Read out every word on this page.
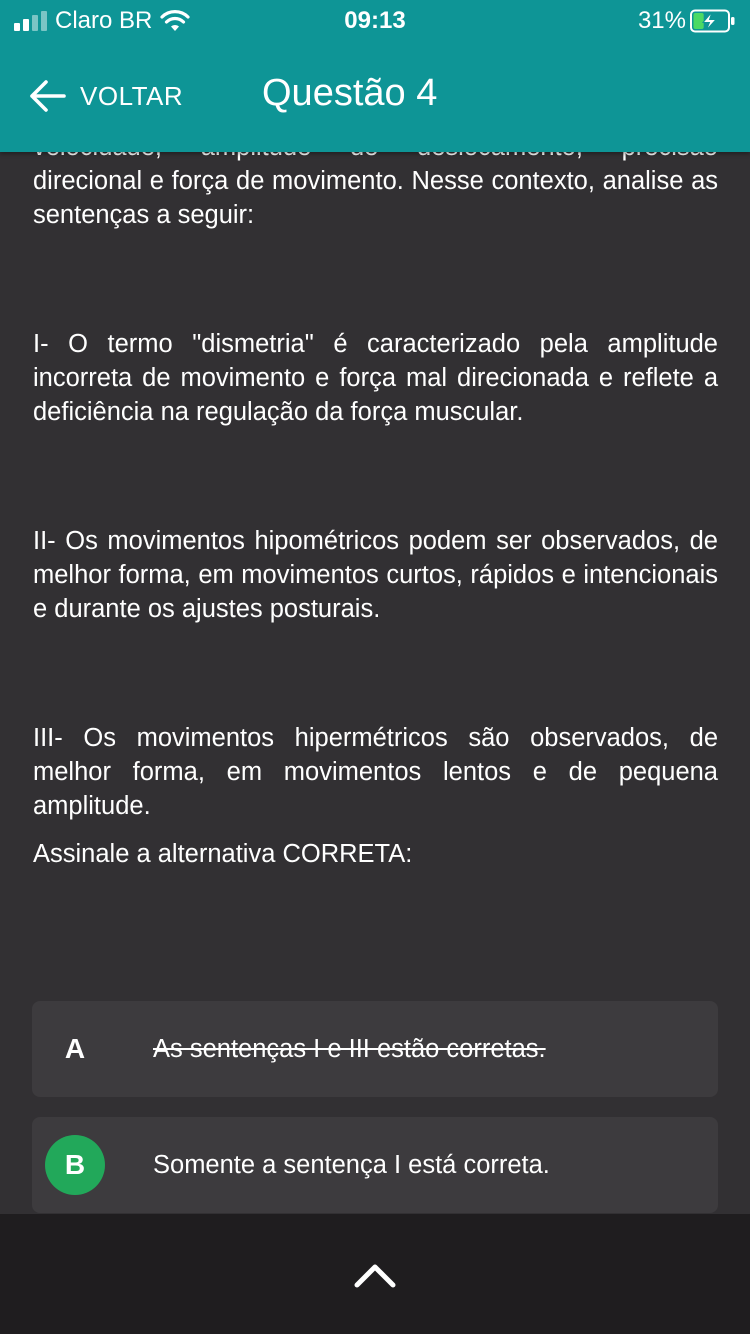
direcional e força de movimento. Nesse contexto, analise as sentenças a seguir:

I- O termo "dismetria" é caracterizado pela amplitude incorreta de movimento e força mal direcionada e reflete a deficiência na regulação da força muscular.

II- Os movimentos hipométricos podem ser observados, de melhor forma, em movimentos curtos, rápidos e intencionais e durante os ajustes posturais.

III- Os movimentos hipermétricos são observados, de melhor forma, em movimentos lentos e de pequena amplitude.

Assinale a alternativa CORRETA:

A	As sentenças I e III estão corretas.
B	Somente a sentença I está correta.
Claro BR	09:13	31%
VOLTAR Questão 4
